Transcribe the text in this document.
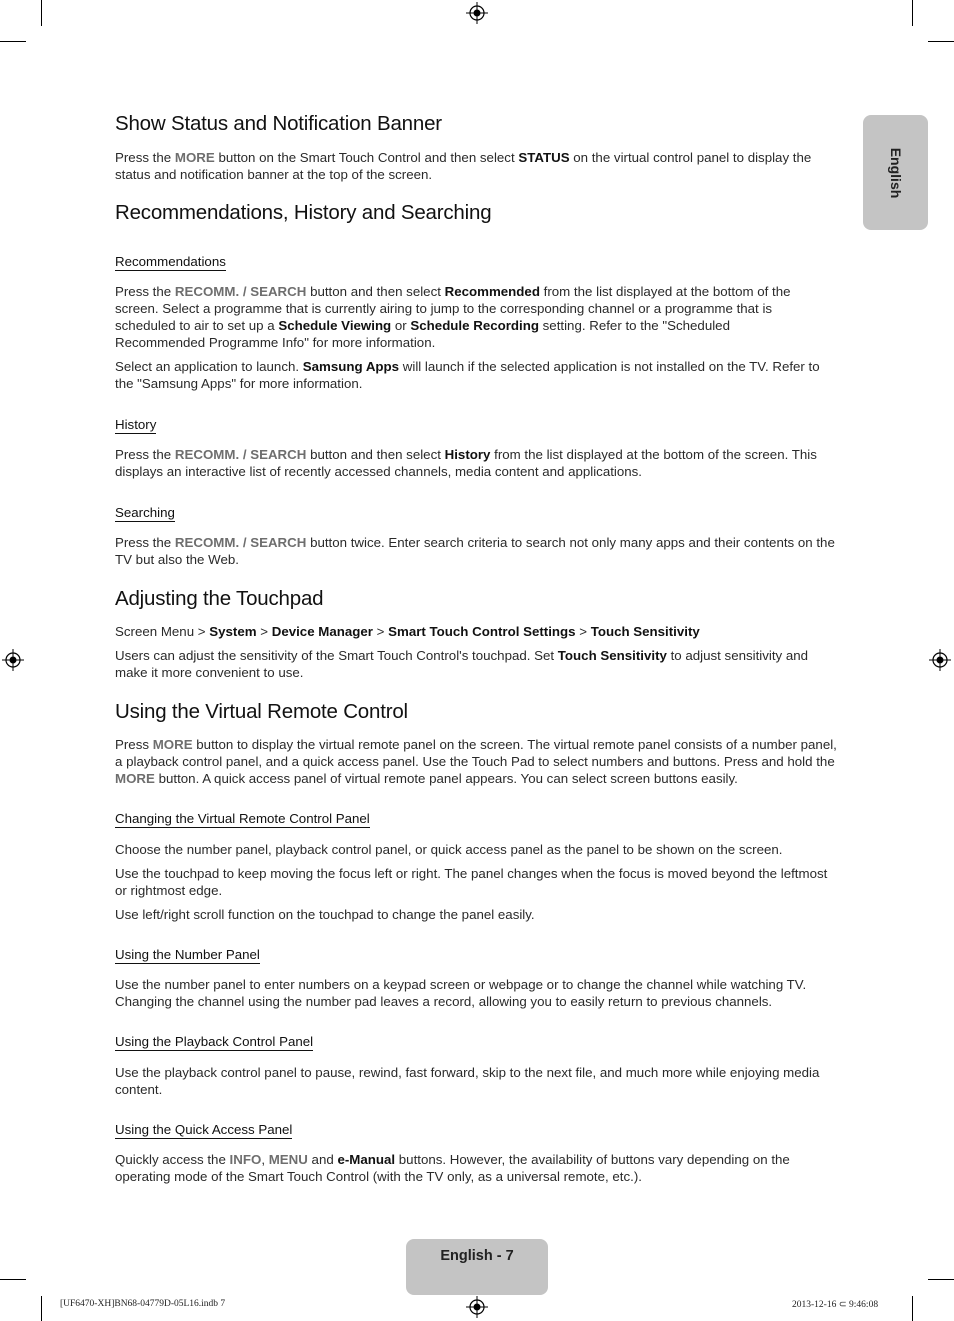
English
Show Status and Notification Banner

Press the MORE button on the Smart Touch Control and then select STATUS on the virtual control panel to display the status and notification banner at the top of the screen.

Recommendations, History and Searching
Recommendations

Press the RECOMM. / SEARCH button and then select Recommended from the list displayed at the bottom of the screen. Select a programme that is currently airing to jump to the corresponding channel or a programme that is scheduled to air to set up a Schedule Viewing or Schedule Recording setting. Refer to the "Scheduled Recommended Programme Info" for more information.

Select an application to launch. Samsung Apps will launch if the selected application is not installed on the TV. Refer to the "Samsung Apps" for more information.

History

Press the RECOMM. / SEARCH button and then select History from the list displayed at the bottom of the screen. This displays an interactive list of recently accessed channels, media content and applications.

Searching

Press the RECOMM. / SEARCH button twice. Enter search criteria to search not only many apps and their contents on the TV but also the Web.

Adjusting the Touchpad

Screen Menu > System > Device Manager > Smart Touch Control Settings > Touch Sensitivity

Users can adjust the sensitivity of the Smart Touch Control's touchpad. Set Touch Sensitivity to adjust sensitivity and make it more convenient to use.

Using the Virtual Remote Control

Press MORE button to display the virtual remote panel on the screen. The virtual remote panel consists of a number panel, a playback control panel, and a quick access panel. Use the Touch Pad to select numbers and buttons. Press and hold the MORE button. A quick access panel of virtual remote panel appears. You can select screen buttons easily.

Changing the Virtual Remote Control Panel

Choose the number panel, playback control panel, or quick access panel as the panel to be shown on the screen.

Use the touchpad to keep moving the focus left or right. The panel changes when the focus is moved beyond the leftmost or rightmost edge.

Use left/right scroll function on the touchpad to change the panel easily.

Using the Number Panel

Use the number panel to enter numbers on a keypad screen or webpage or to change the channel while watching TV. Changing the channel using the number pad leaves a record, allowing you to easily return to previous channels.

Using the Playback Control Panel

Use the playback control panel to pause, rewind, fast forward, skip to the next file, and much more while enjoying media content.

Using the Quick Access Panel

Quickly access the INFO, MENU and e-Manual buttons. However, the availability of buttons vary depending on the operating mode of the Smart Touch Control (with the TV only, as a universal remote, etc.).

English - 7
[UF6470-XH]BN68-04779D-05L16.indb 7	2013-12-16 ⊂ 9:46:08
